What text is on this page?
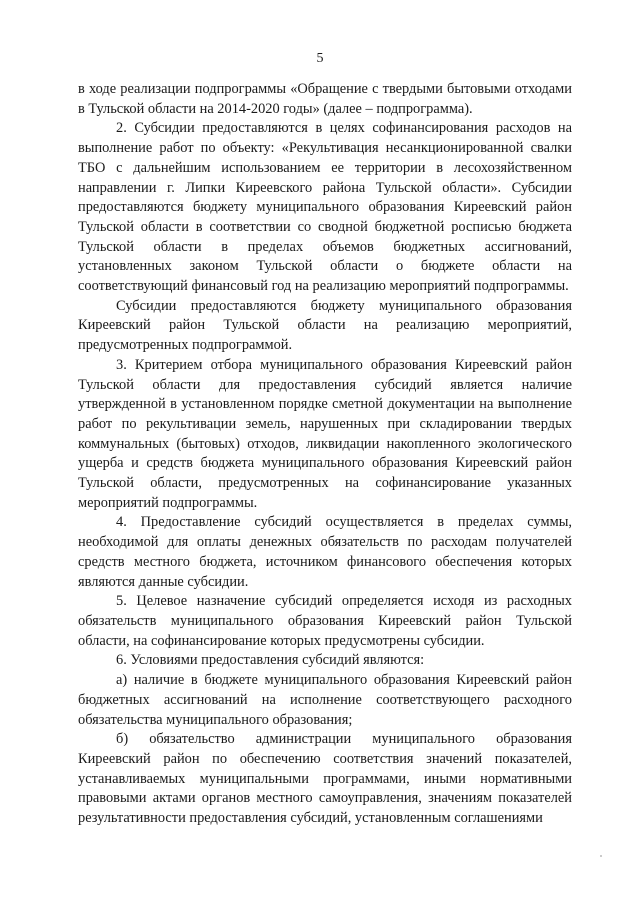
5

в ходе реализации подпрограммы «Обращение с твердыми бытовыми отходами в Тульской области на 2014-2020 годы» (далее – подпрограмма).

2. Субсидии предоставляются в целях софинансирования расходов на выполнение работ по объекту: «Рекультивация несанкционированной свалки ТБО с дальнейшим использованием ее территории в лесохозяйственном направлении г. Липки Киреевского района Тульской области». Субсидии предоставляются бюджету муниципального образования Киреевский район Тульской области в соответствии со сводной бюджетной росписью бюджета Тульской области в пределах объемов бюджетных ассигнований, установленных законом Тульской области о бюджете области на соответствующий финансовый год на реализацию мероприятий подпрограммы.

Субсидии предоставляются бюджету муниципального образования Киреевский район Тульской области на реализацию мероприятий, предусмотренных подпрограммой.

3. Критерием отбора муниципального образования Киреевский район Тульской области для предоставления субсидий является наличие утвержденной в установленном порядке сметной документации на выполнение работ по рекультивации земель, нарушенных при складировании твердых коммунальных (бытовых) отходов, ликвидации накопленного экологического ущерба и средств бюджета муниципального образования Киреевский район Тульской области, предусмотренных на софинансирование указанных мероприятий подпрограммы.

4. Предоставление субсидий осуществляется в пределах суммы, необходимой для оплаты денежных обязательств по расходам получателей средств местного бюджета, источником финансового обеспечения которых являются данные субсидии.

5. Целевое назначение субсидий определяется исходя из расходных обязательств муниципального образования Киреевский район Тульской области, на софинансирование которых предусмотрены субсидии.

6. Условиями предоставления субсидий являются:

а) наличие в бюджете муниципального образования Киреевский район бюджетных ассигнований на исполнение соответствующего расходного обязательства муниципального образования;

б) обязательство администрации муниципального образования Киреевский район по обеспечению соответствия значений показателей, устанавливаемых муниципальными программами, иными нормативными правовыми актами органов местного самоуправления, значениям показателей результативности предоставления субсидий, установленным соглашениями
